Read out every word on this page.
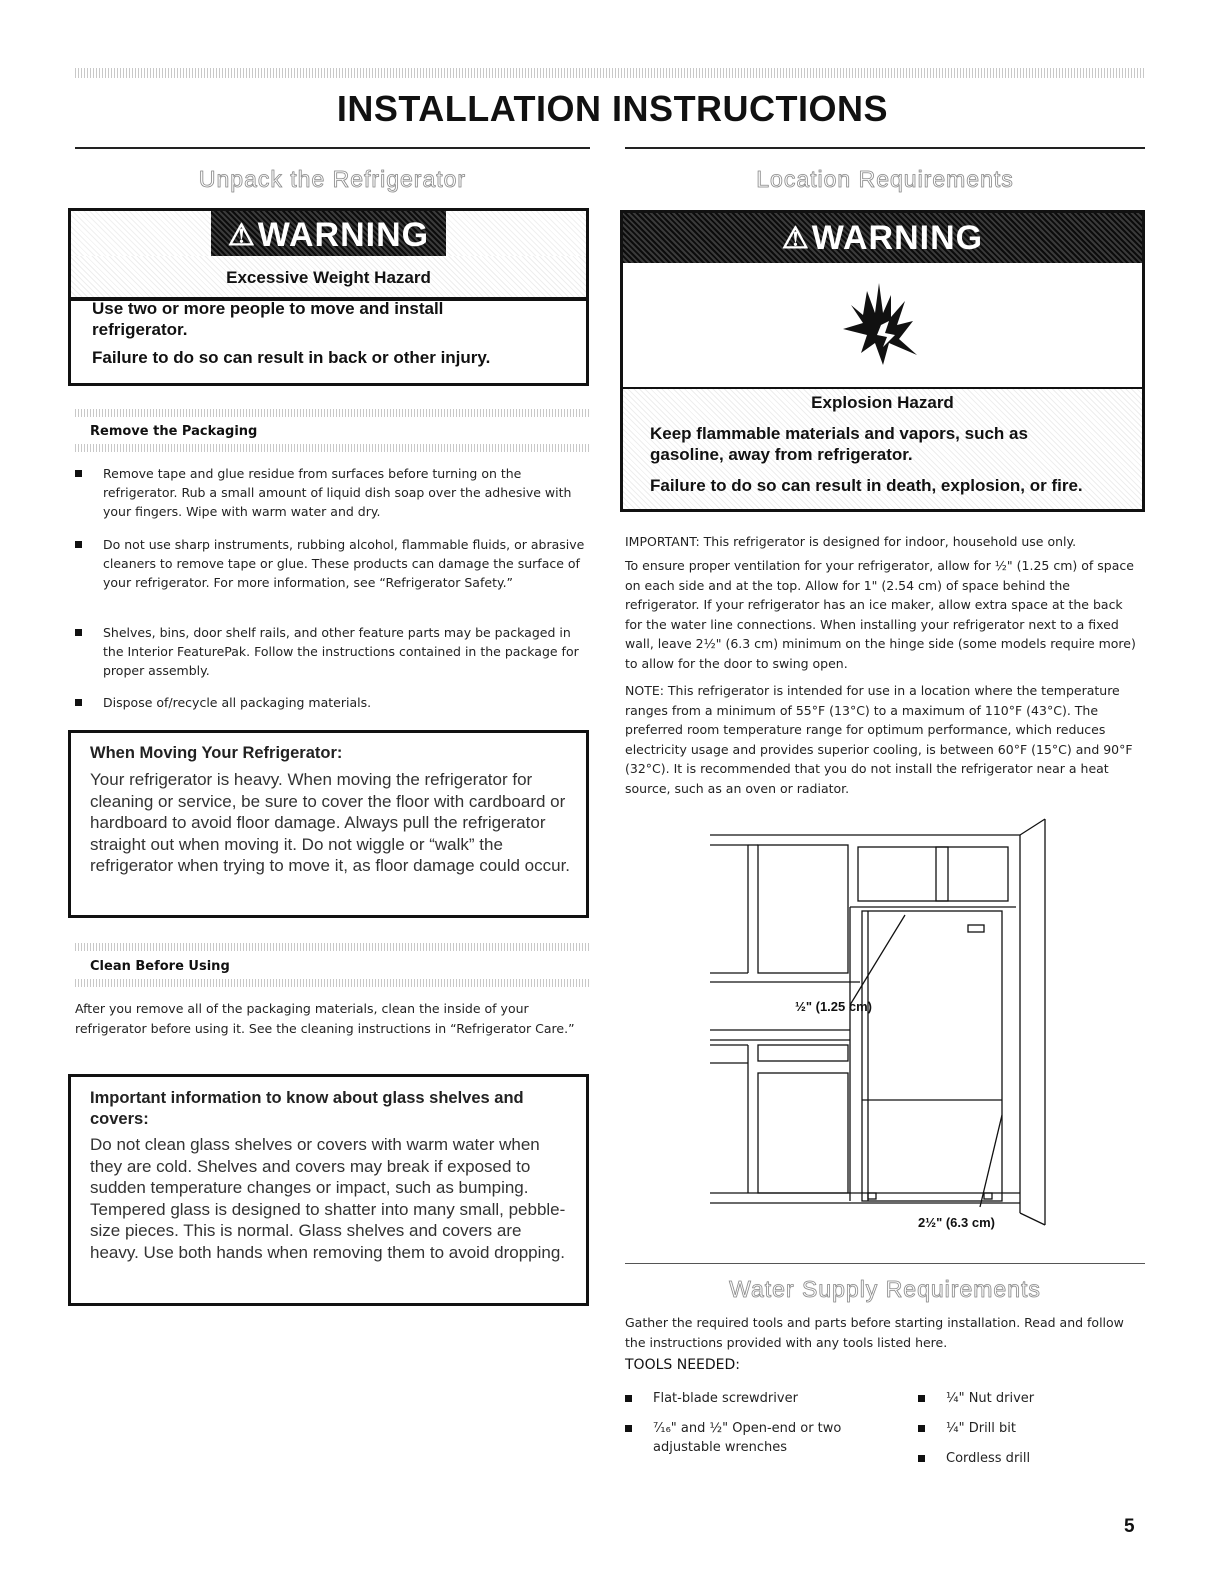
INSTALLATION INSTRUCTIONS
Unpack the Refrigerator
⚠ WARNING
Excessive Weight Hazard
Use two or more people to move and install refrigerator.
Failure to do so can result in back or other injury.
Remove the Packaging
Remove tape and glue residue from surfaces before turning on the refrigerator. Rub a small amount of liquid dish soap over the adhesive with your fingers. Wipe with warm water and dry.
Do not use sharp instruments, rubbing alcohol, flammable fluids, or abrasive cleaners to remove tape or glue. These products can damage the surface of your refrigerator. For more information, see “Refrigerator Safety.”
Shelves, bins, door shelf rails, and other feature parts may be packaged in the Interior FeaturePak. Follow the instructions contained in the package for proper assembly.
Dispose of/recycle all packaging materials.
When Moving Your Refrigerator:
Your refrigerator is heavy. When moving the refrigerator for cleaning or service, be sure to cover the floor with cardboard or hardboard to avoid floor damage. Always pull the refrigerator straight out when moving it. Do not wiggle or “walk” the refrigerator when trying to move it, as floor damage could occur.
Clean Before Using
After you remove all of the packaging materials, clean the inside of your refrigerator before using it. See the cleaning instructions in “Refrigerator Care.”
Important information to know about glass shelves and covers:
Do not clean glass shelves or covers with warm water when they are cold. Shelves and covers may break if exposed to sudden temperature changes or impact, such as bumping. Tempered glass is designed to shatter into many small, pebble-size pieces. This is normal. Glass shelves and covers are heavy. Use both hands when removing them to avoid dropping.
Location Requirements
⚠ WARNING
Explosion Hazard
Keep flammable materials and vapors, such as gasoline, away from refrigerator.
Failure to do so can result in death, explosion, or fire.
IMPORTANT: This refrigerator is designed for indoor, household use only.
To ensure proper ventilation for your refrigerator, allow for ½" (1.25 cm) of space on each side and at the top. Allow for 1" (2.54 cm) of space behind the refrigerator. If your refrigerator has an ice maker, allow extra space at the back for the water line connections. When installing your refrigerator next to a fixed wall, leave 2½" (6.3 cm) minimum on the hinge side (some models require more) to allow for the door to swing open.
NOTE: This refrigerator is intended for use in a location where the temperature ranges from a minimum of 55°F (13°C) to a maximum of 110°F (43°C). The preferred room temperature range for optimum performance, which reduces electricity usage and provides superior cooling, is between 60°F (15°C) and 90°F (32°C). It is recommended that you do not install the refrigerator near a heat source, such as an oven or radiator.
½" (1.25 cm)
2½" (6.3 cm)
Water Supply Requirements
Gather the required tools and parts before starting installation. Read and follow the instructions provided with any tools listed here.
TOOLS NEEDED:
Flat-blade screwdriver
⁷⁄₁₆" and ½" Open-end or two adjustable wrenches
¼" Nut driver
¼" Drill bit
Cordless drill
5
